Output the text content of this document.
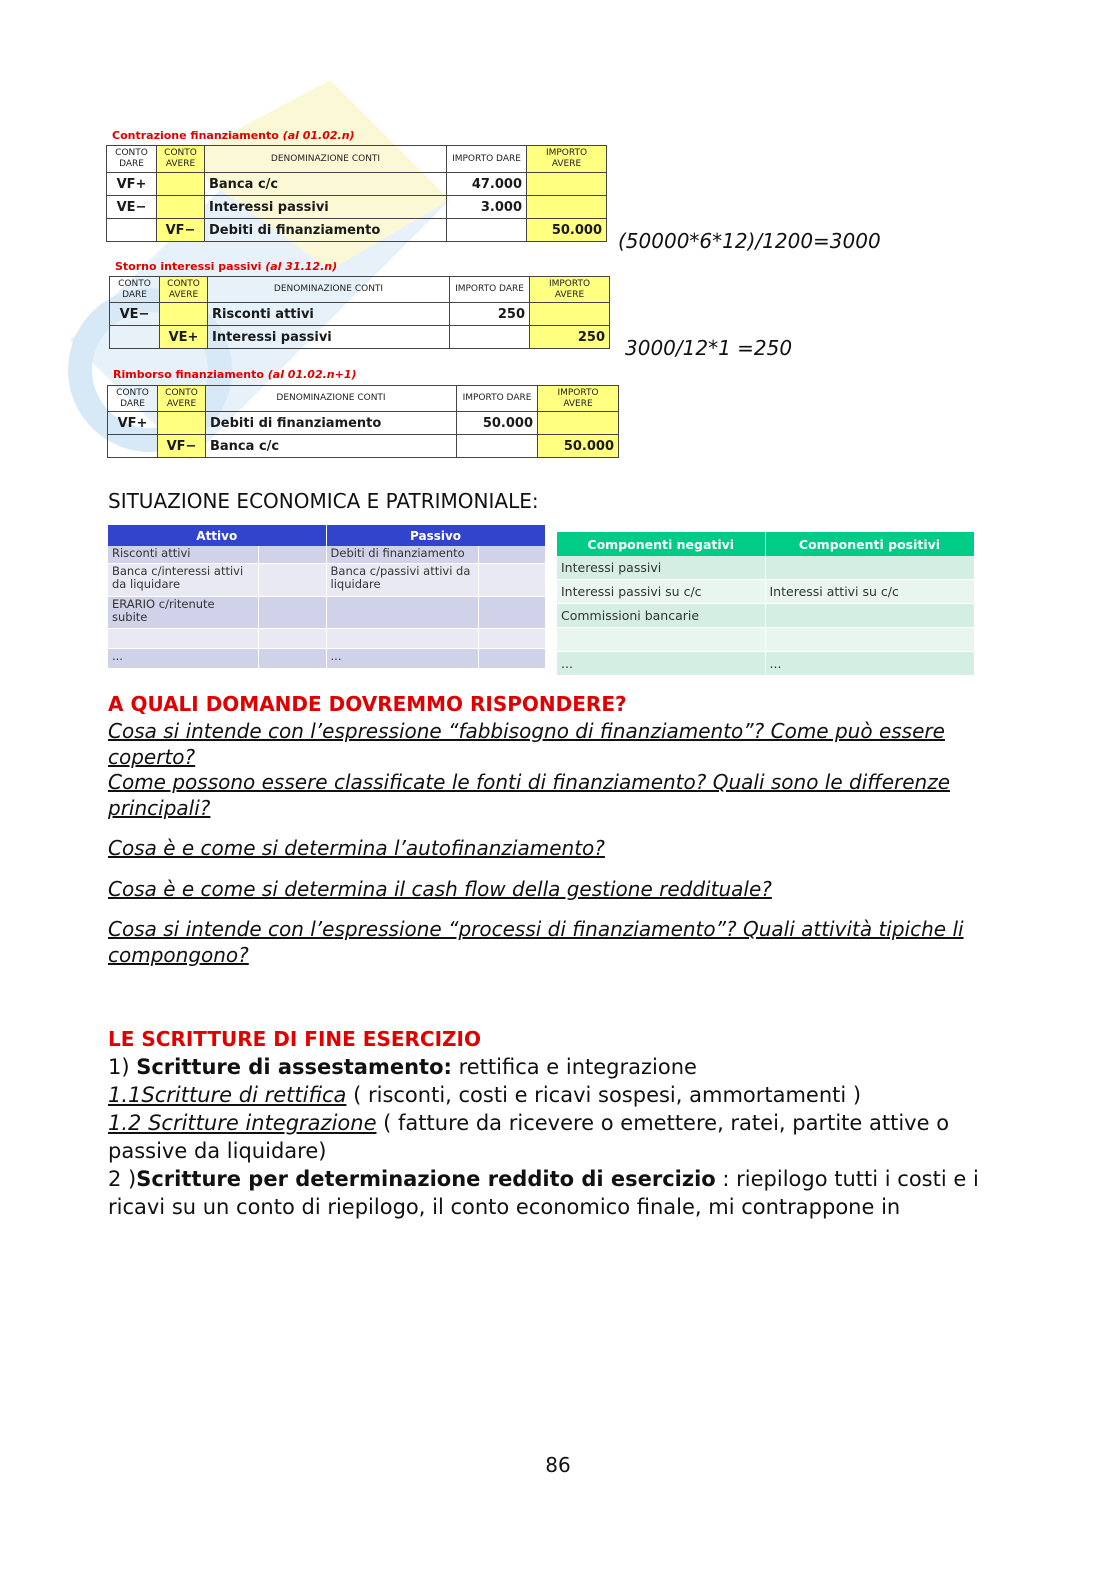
Contrazione finanziamento (al 01.02.n)
CONTO DARE	CONTO AVERE	DENOMINAZIONE CONTI	IMPORTO DARE	IMPORTO AVERE
VF+		Banca c/c	47.000	
VE−		Interessi passivi	3.000	
	VF−	Debiti di finanziamento		50.000 (50000*6*12)/1200=3000
Storno interessi passivi (al 31.12.n)
CONTO DARE	CONTO AVERE	DENOMINAZIONE CONTI	IMPORTO DARE	IMPORTO AVERE
VE−		Risconti attivi	250	
	VE+	Interessi passivi		250 3000/12*1 =250
Rimborso finanziamento (al 01.02.n+1)
CONTO DARE	CONTO AVERE	DENOMINAZIONE CONTI	IMPORTO DARE	IMPORTO AVERE
VF+		Debiti di finanziamento	50.000	
	VF−	Banca c/c		50.000
SITUAZIONE ECONOMICA E PATRIMONIALE:
Attivo		Passivo	
Risconti attivi		Debiti di finanziamento	
Banca c/interessi attivi da liquidare		Banca c/passivi attivi da liquidare	
ERARIO c/ritenute subite			

...		...	
Componenti negativi	Componenti positivi
Interessi passivi	
Interessi passivi su c/c	Interessi attivi su c/c
Commissioni bancarie	

...	...
A QUALI DOMANDE DOVREMMO RISPONDERE?
Cosa si intende con l’espressione “fabbisogno di finanziamento”? Come può essere coperto?
Come possono essere classificate le fonti di finanziamento? Quali sono le differenze principali?
Cosa è e come si determina l’autofinanziamento?
Cosa è e come si determina il cash flow della gestione reddituale?
Cosa si intende con l’espressione “processi di finanziamento”? Quali attività tipiche li compongono?
LE SCRITTURE DI FINE ESERCIZIO

1) Scritture di assestamento: rettifica e integrazione

1.1Scritture di rettifica ( risconti, costi e ricavi sospesi, ammortamenti )

1.2 Scritture integrazione ( fatture da ricevere o emettere, ratei, partite attive o passive da liquidare)

2 )Scritture per determinazione reddito di esercizio : riepilogo tutti i costi e i ricavi su un conto di riepilogo, il conto economico finale, mi contrappone in

86
